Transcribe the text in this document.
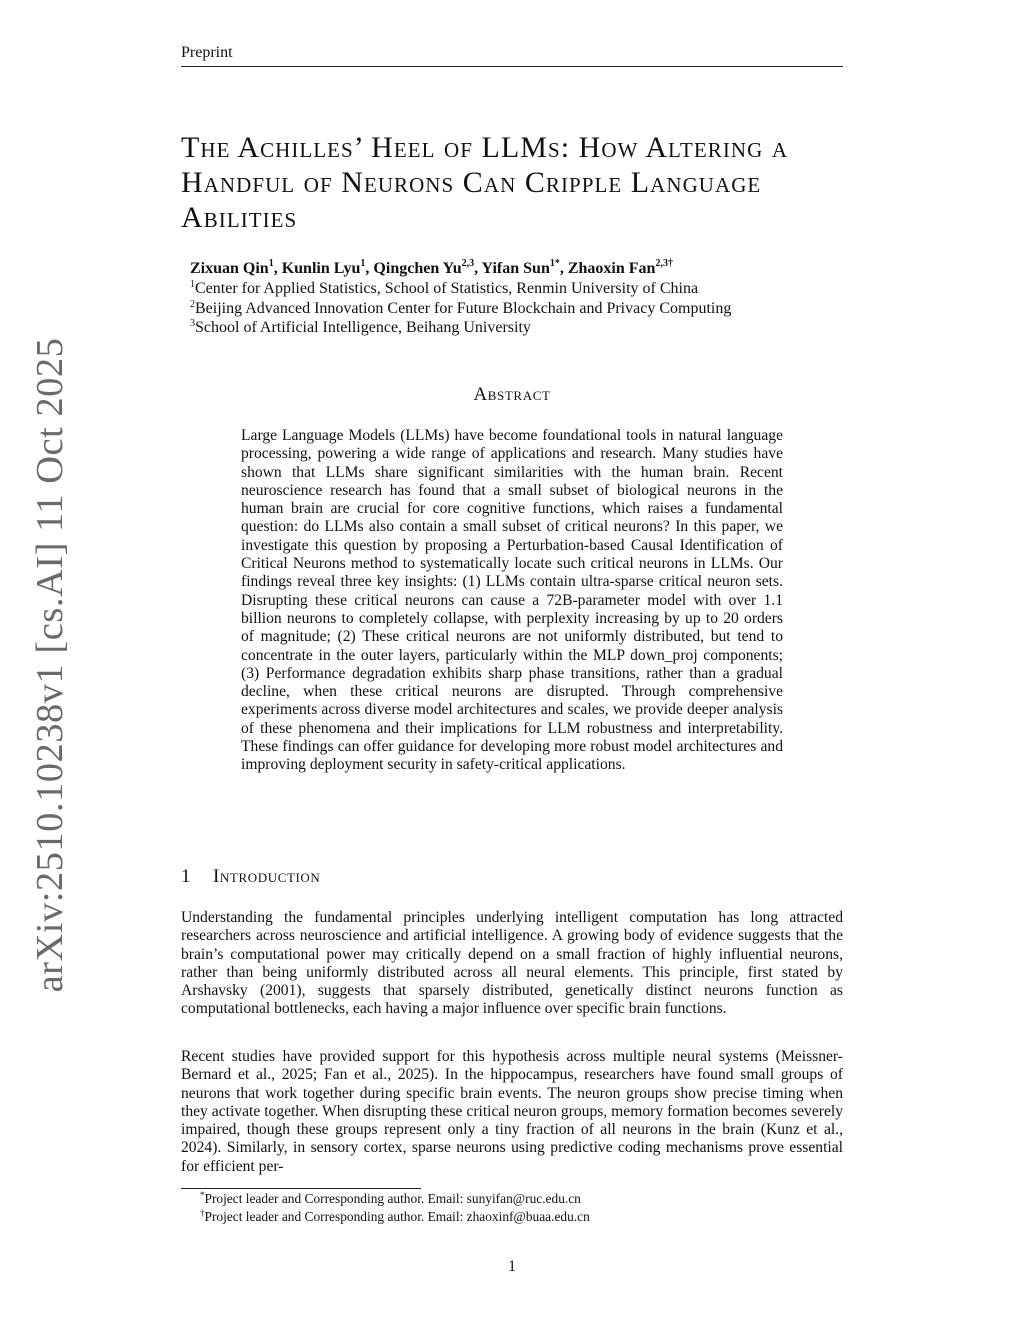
arXiv:2510.10238v1 [cs.AI] 11 Oct 2025
Preprint
The Achilles’ Heel of LLMs: How Altering a
Handful of Neurons Can Cripple Language
Abilities
Zixuan Qin$^1$, Kunlin Lyu$^1$, Qingchen Yu$^{2,3}$, Yifan Sun$^{1*}$, Zhaoxin Fan$^{2,3\dagger}$
$^1$Center for Applied Statistics, School of Statistics, Renmin University of China
$^2$Beijing Advanced Innovation Center for Future Blockchain and Privacy Computing
$^3$School of Artificial Intelligence, Beihang University
Abstract

Large Language Models (LLMs) have become foundational tools in natural language processing, powering a wide range of applications and research. Many studies have shown that LLMs share significant similarities with the human brain. Recent neuroscience research has found that a small subset of biological neurons in the human brain are crucial for core cognitive functions, which raises a fundamental question: do LLMs also contain a small subset of critical neurons? In this paper, we investigate this question by proposing a Perturbation-based Causal Identification of Critical Neurons method to systematically locate such critical neurons in LLMs. Our findings reveal three key insights: (1) LLMs contain ultra-sparse critical neuron sets. Disrupting these critical neurons can cause a 72B-parameter model with over 1.1 billion neurons to completely collapse, with perplexity increasing by up to 20 orders of magnitude; (2) These critical neurons are not uniformly distributed, but tend to concentrate in the outer layers, particularly within the MLP down_proj components; (3) Performance degradation exhibits sharp phase transitions, rather than a gradual decline, when these critical neurons are disrupted. Through comprehensive experiments across diverse model architectures and scales, we provide deeper analysis of these phenomena and their implications for LLM robustness and interpretability. These findings can offer guidance for developing more robust model architectures and improving deployment security in safety-critical applications.

1 Introduction

Understanding the fundamental principles underlying intelligent computation has long attracted researchers across neuroscience and artificial intelligence. A growing body of evidence suggests that the brain’s computational power may critically depend on a small fraction of highly influential neurons, rather than being uniformly distributed across all neural elements. This principle, first stated by Arshavsky (2001), suggests that sparsely distributed, genetically distinct neurons function as computational bottlenecks, each having a major influence over specific brain functions.

Recent studies have provided support for this hypothesis across multiple neural systems (Meissner-Bernard et al., 2025; Fan et al., 2025). In the hippocampus, researchers have found small groups of neurons that work together during specific brain events. The neuron groups show precise timing when they activate together. When disrupting these critical neuron groups, memory formation becomes severely impaired, though these groups represent only a tiny fraction of all neurons in the brain (Kunz et al., 2024). Similarly, in sensory cortex, sparse neurons using predictive coding mechanisms prove essential for efficient per-

*Project leader and Corresponding author. Email: sunyifan@ruc.edu.cn
†Project leader and Corresponding author. Email: zhaoxinf@buaa.edu.cn
1
